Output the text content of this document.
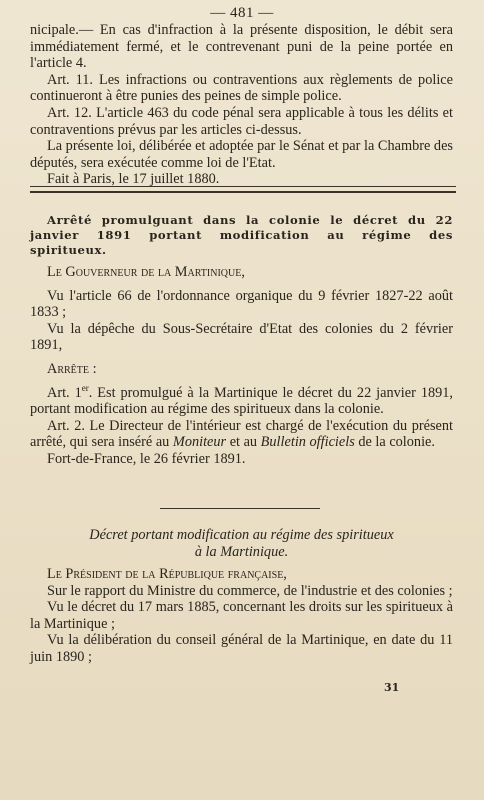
— 481 —

nicipale.— En cas d'infraction à la présente disposition, le débit sera immédiatement fermé, et le contrevenant puni de la peine portée en l'article 4.

Art. 11. Les infractions ou contraventions aux règlements de police continueront à être punies des peines de simple police.

Art. 12. L'article 463 du code pénal sera applicable à tous les délits et contraventions prévus par les articles ci-dessus.

La présente loi, délibérée et adoptée par le Sénat et par la Chambre des députés, sera exécutée comme loi de l'Etat.

Fait à Paris, le 17 juillet 1880.

Arrêté promulguant dans la colonie le décret du 22 janvier 1891 portant modification au régime des spiritueux.

Le Gouverneur de la Martinique,

Vu l'article 66 de l'ordonnance organique du 9 février 1827-22 août 1833 ;

Vu la dépêche du Sous-Secrétaire d'Etat des colonies du 2 février 1891,

Arrête :

Art. 1er. Est promulgué à la Martinique le décret du 22 janvier 1891, portant modification au régime des spiritueux dans la colonie.

Art. 2. Le Directeur de l'intérieur est chargé de l'exécution du présent arrêté, qui sera inséré au Moniteur et au Bulletin officiels de la colonie.

Fort-de-France, le 26 février 1891.

Décret portant modification au régime des spiritueux
à la Martinique.

Le Président de la République française,

Sur le rapport du Ministre du commerce, de l'industrie et des colonies ;

Vu le décret du 17 mars 1885, concernant les droits sur les spiritueux à la Martinique ;

Vu la délibération du conseil général de la Martinique, en date du 11 juin 1890 ;

31
